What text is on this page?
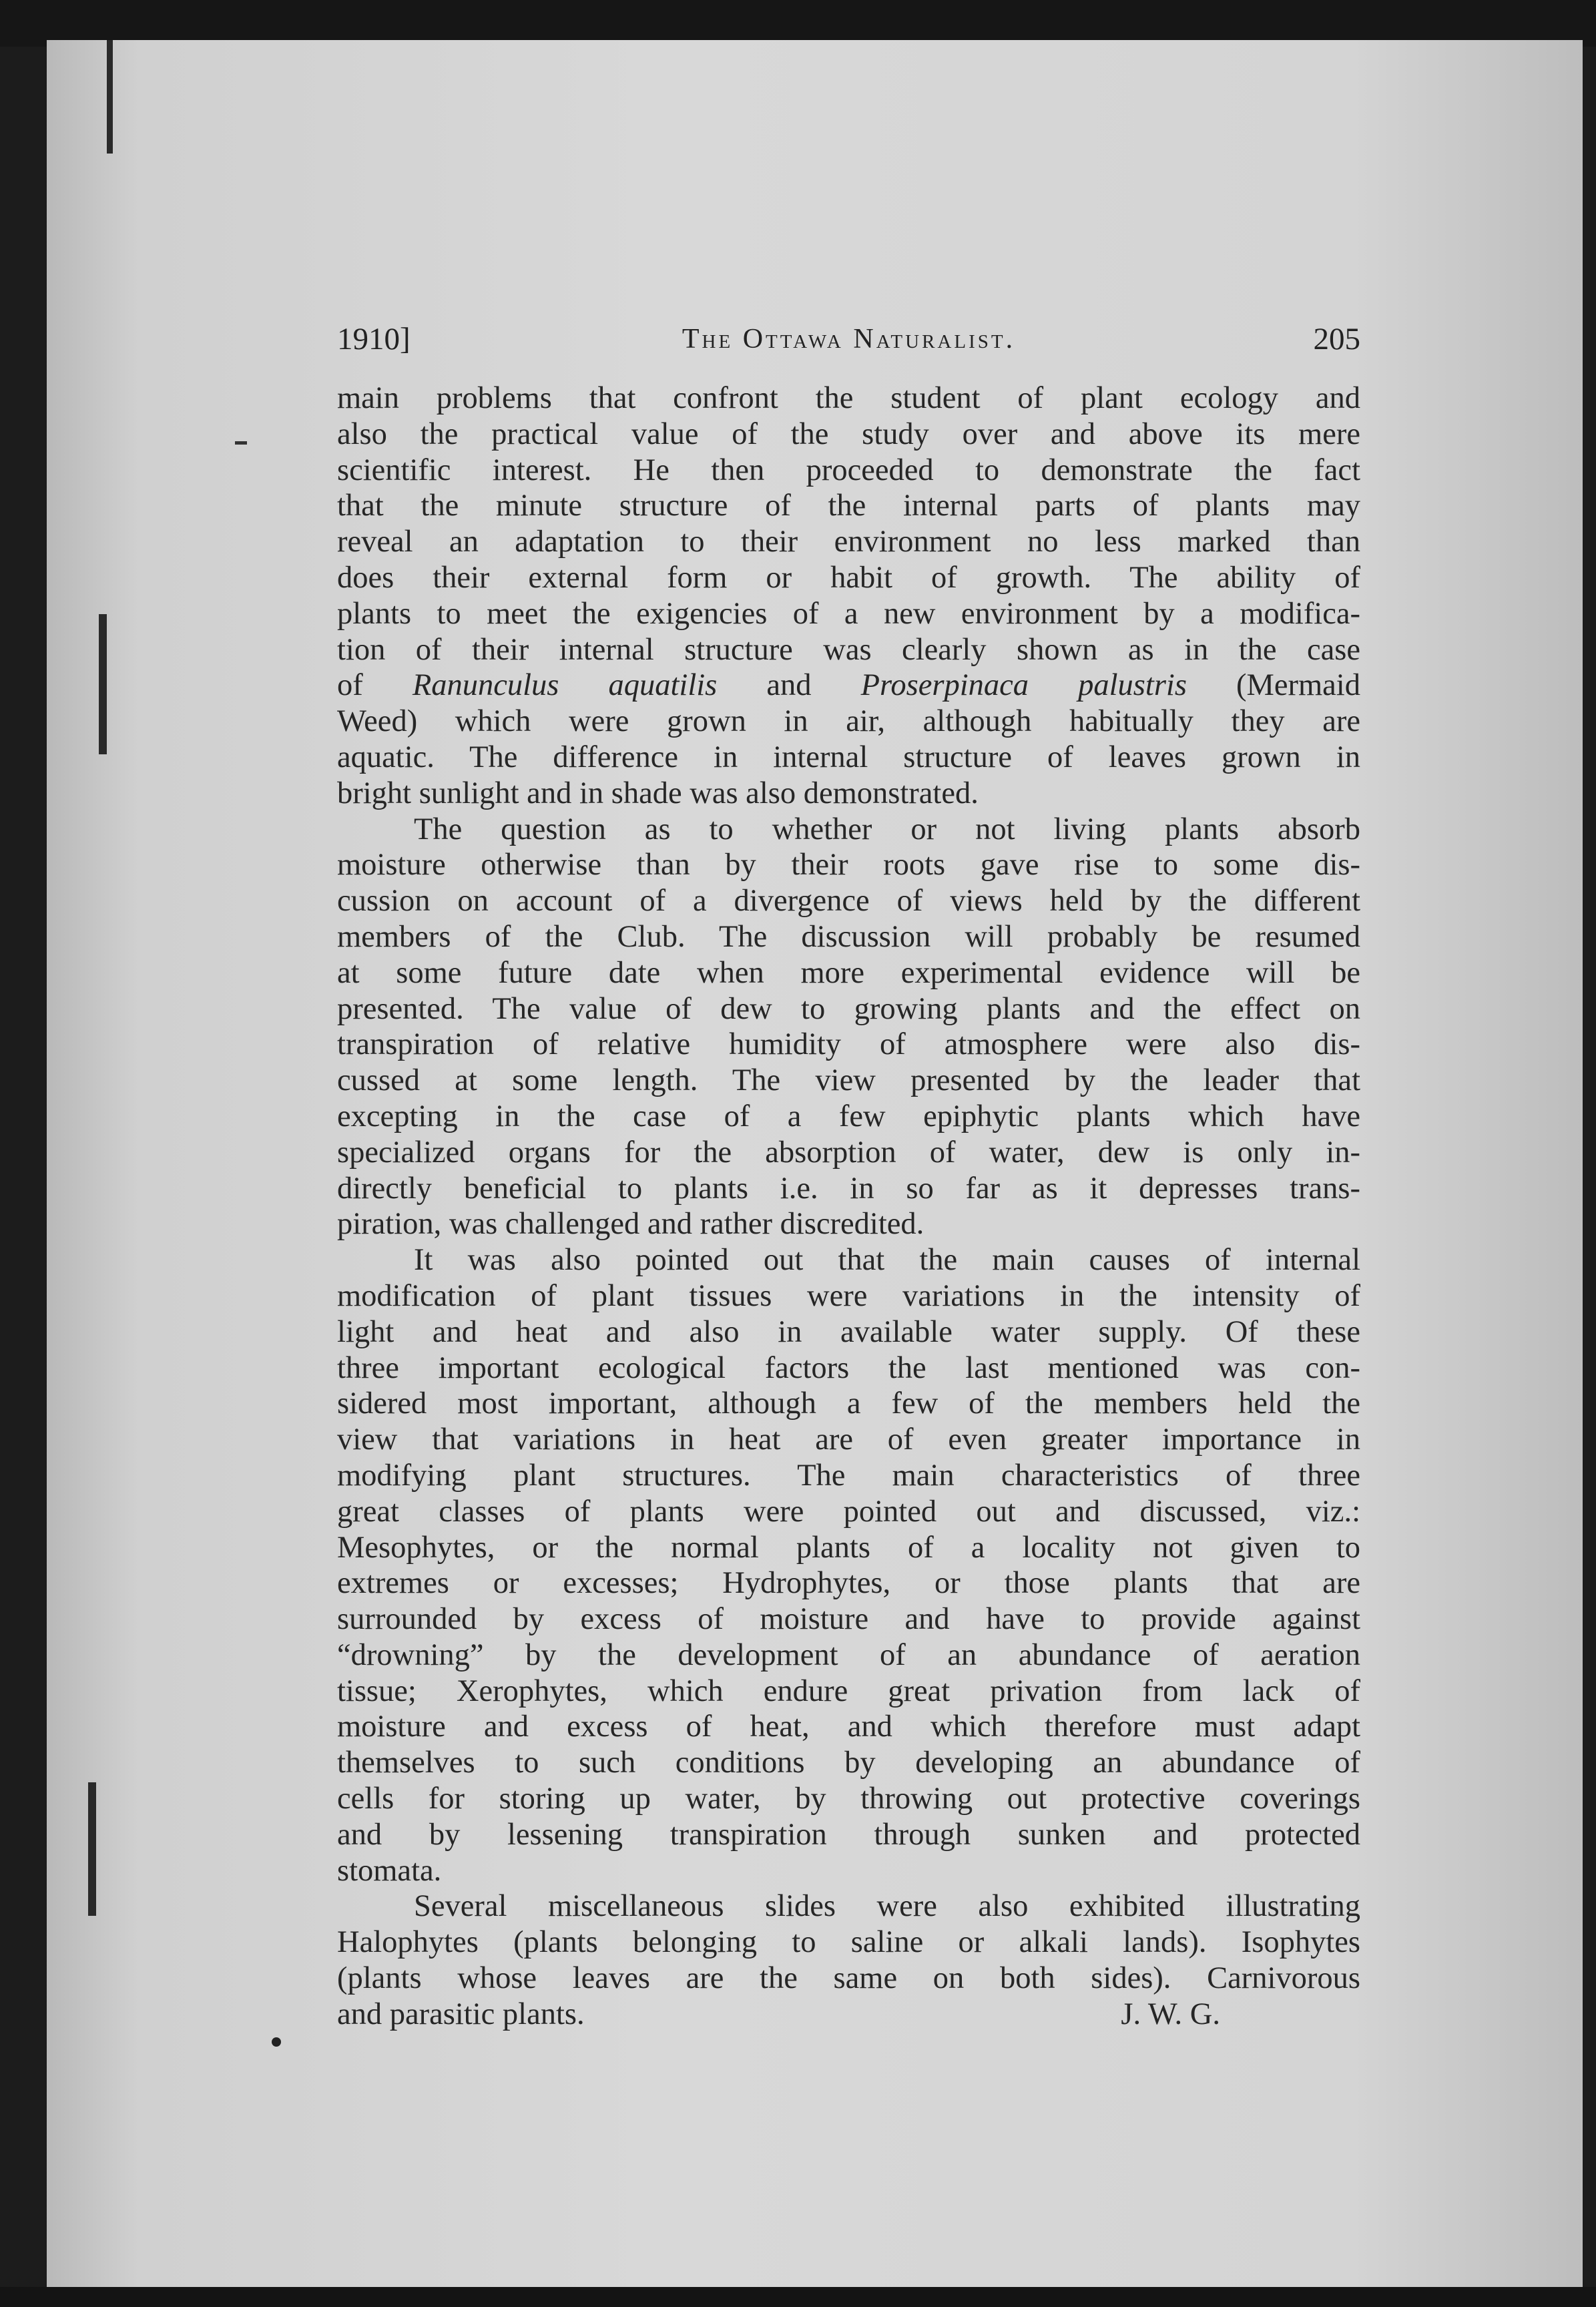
1910]	The Ottawa Naturalist.	205
main problems that confront the student of plant ecology and
also the practical value of the study over and above its mere
scientific interest. He then proceeded to demonstrate the fact
that the minute structure of the internal parts of plants may
reveal an adaptation to their environment no less marked than
does their external form or habit of growth. The ability of
plants to meet the exigencies of a new environment by a modifica-
tion of their internal structure was clearly shown as in the case
of Ranunculus aquatilis and Proserpinaca palustris (Mermaid
Weed) which were grown in air, although habitually they are
aquatic. The difference in internal structure of leaves grown in
bright sunlight and in shade was also demonstrated.
The question as to whether or not living plants absorb
moisture otherwise than by their roots gave rise to some dis-
cussion on account of a divergence of views held by the different
members of the Club. The discussion will probably be resumed
at some future date when more experimental evidence will be
presented. The value of dew to growing plants and the effect on
transpiration of relative humidity of atmosphere were also dis-
cussed at some length. The view presented by the leader that
excepting in the case of a few epiphytic plants which have
specialized organs for the absorption of water, dew is only in-
directly beneficial to plants i.e. in so far as it depresses trans-
piration, was challenged and rather discredited.
It was also pointed out that the main causes of internal
modification of plant tissues were variations in the intensity of
light and heat and also in available water supply. Of these
three important ecological factors the last mentioned was con-
sidered most important, although a few of the members held the
view that variations in heat are of even greater importance in
modifying plant structures. The main characteristics of three
great classes of plants were pointed out and discussed, viz.:
Mesophytes, or the normal plants of a locality not given to
extremes or excesses; Hydrophytes, or those plants that are
surrounded by excess of moisture and have to provide against
“drowning” by the development of an abundance of aeration
tissue; Xerophytes, which endure great privation from lack of
moisture and excess of heat, and which therefore must adapt
themselves to such conditions by developing an abundance of
cells for storing up water, by throwing out protective coverings
and by lessening transpiration through sunken and protected
stomata.
Several miscellaneous slides were also exhibited illustrating
Halophytes (plants belonging to saline or alkali lands). Isophytes
(plants whose leaves are the same on both sides). Carnivorous
and parasitic plants.	J. W. G.
